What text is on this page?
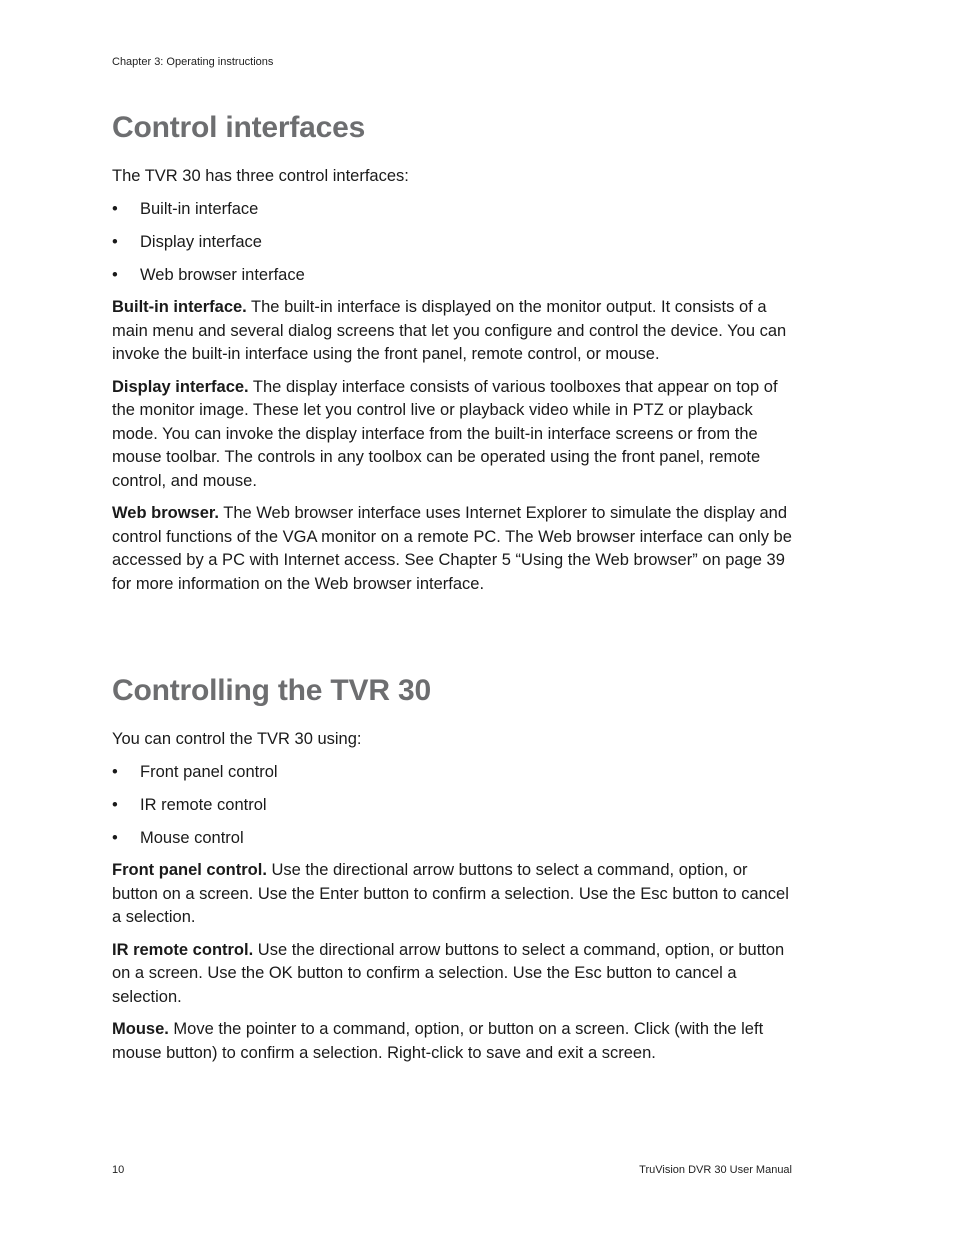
Chapter 3: Operating instructions
Control interfaces

The TVR 30 has three control interfaces:

• Built-in interface
• Display interface
• Web browser interface

Built-in interface. The built-in interface is displayed on the monitor output. It consists of a main menu and several dialog screens that let you configure and control the device. You can invoke the built-in interface using the front panel, remote control, or mouse.

Display interface. The display interface consists of various toolboxes that appear on top of the monitor image. These let you control live or playback video while in PTZ or playback mode. You can invoke the display interface from the built-in interface screens or from the mouse toolbar. The controls in any toolbox can be operated using the front panel, remote control, and mouse.

Web browser. The Web browser interface uses Internet Explorer to simulate the display and control functions of the VGA monitor on a remote PC. The Web browser interface can only be accessed by a PC with Internet access. See Chapter 5 “Using the Web browser” on page 39 for more information on the Web browser interface.

Controlling the TVR 30

You can control the TVR 30 using:

• Front panel control
• IR remote control
• Mouse control

Front panel control. Use the directional arrow buttons to select a command, option, or button on a screen. Use the Enter button to confirm a selection. Use the Esc button to cancel a selection.

IR remote control. Use the directional arrow buttons to select a command, option, or button on a screen. Use the OK button to confirm a selection. Use the Esc button to cancel a selection.

Mouse. Move the pointer to a command, option, or button on a screen. Click (with the left mouse button) to confirm a selection. Right-click to save and exit a screen.

10	TruVision DVR 30 User Manual
